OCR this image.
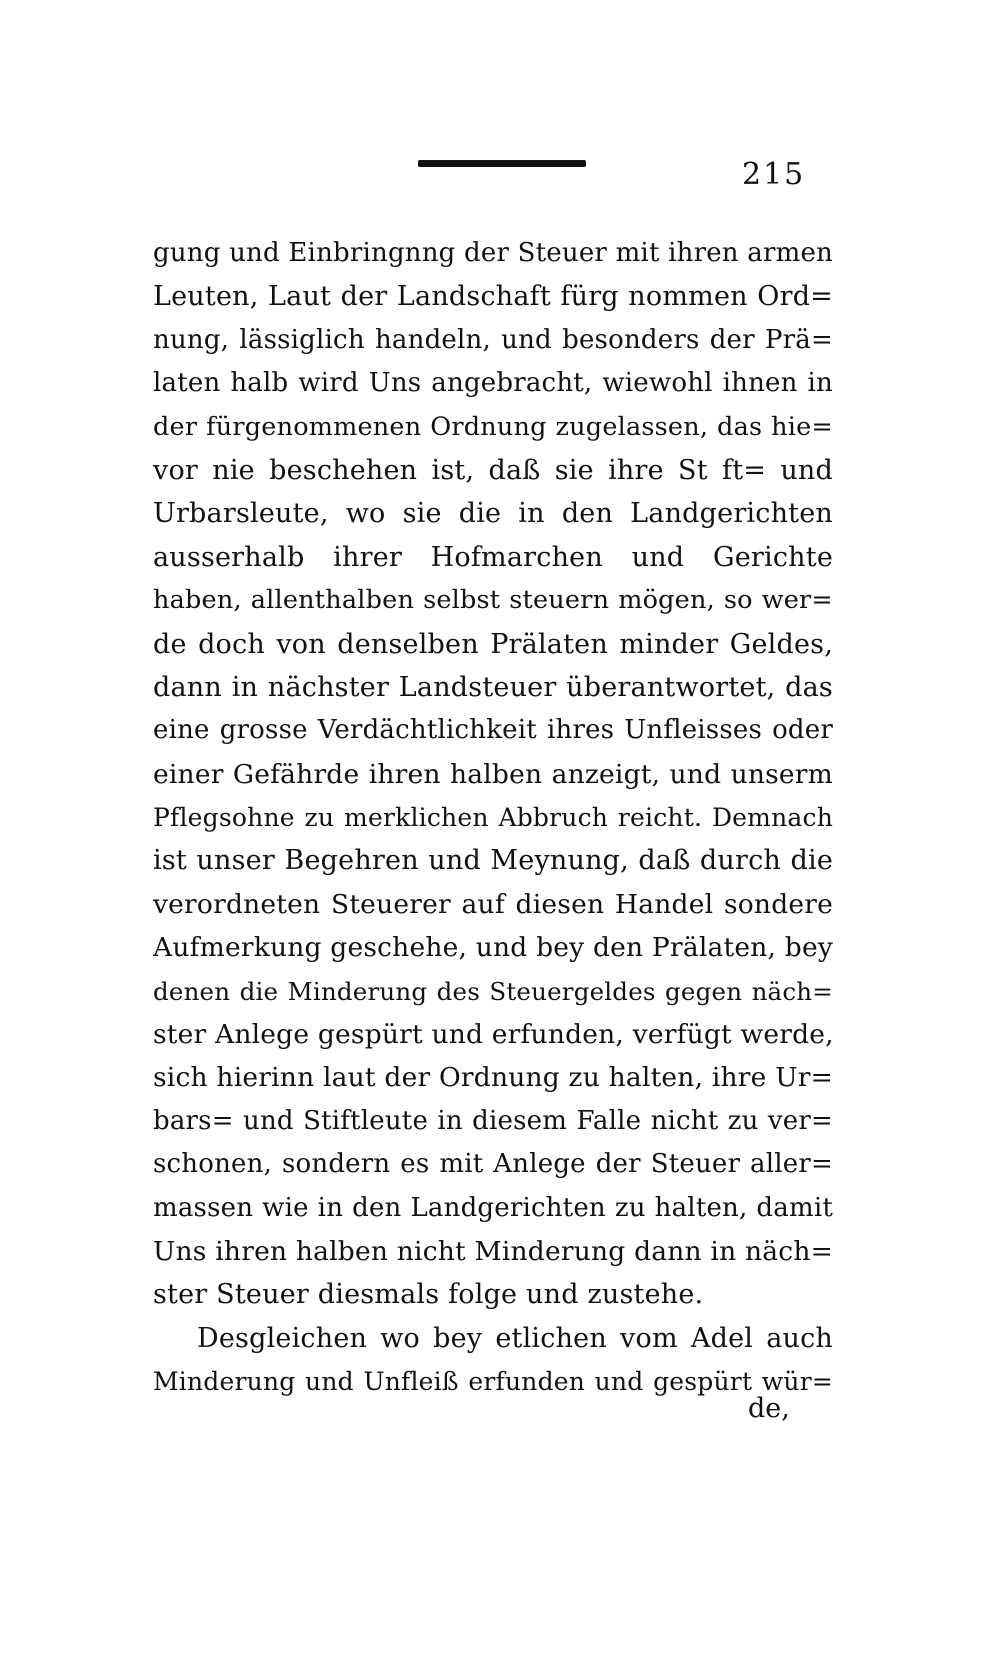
215
gung und Einbringnng der Steuer mit ihren armen
Leuten, Laut der Landschaft fürg nommen Ord=
nung, lässiglich handeln, und besonders der Prä=
laten halb wird Uns angebracht, wiewohl ihnen in
der fürgenommenen Ordnung zugelassen, das hie=
vor nie beschehen ist, daß sie ihre St ft= und
Urbarsleute, wo sie die in den Landgerichten
ausserhalb ihrer Hofmarchen und Gerichte
haben, allenthalben selbst steuern mögen, so wer=
de doch von denselben Prälaten minder Geldes,
dann in nächster Landsteuer überantwortet, das
eine grosse Verdächtlichkeit ihres Unfleisses oder
einer Gefährde ihren halben anzeigt, und unserm
Pflegsohne zu merklichen Abbruch reicht. Demnach
ist unser Begehren und Meynung, daß durch die
verordneten Steuerer auf diesen Handel sondere
Aufmerkung geschehe, und bey den Prälaten, bey
denen die Minderung des Steuergeldes gegen näch=
ster Anlege gespürt und erfunden, verfügt werde,
sich hierinn laut der Ordnung zu halten, ihre Ur=
bars= und Stiftleute in diesem Falle nicht zu ver=
schonen, sondern es mit Anlege der Steuer aller=
massen wie in den Landgerichten zu halten, damit
Uns ihren halben nicht Minderung dann in näch=
ster Steuer diesmals folge und zustehe.
Desgleichen wo bey etlichen vom Adel auch
Minderung und Unfleiß erfunden und gespürt wür=
de,
